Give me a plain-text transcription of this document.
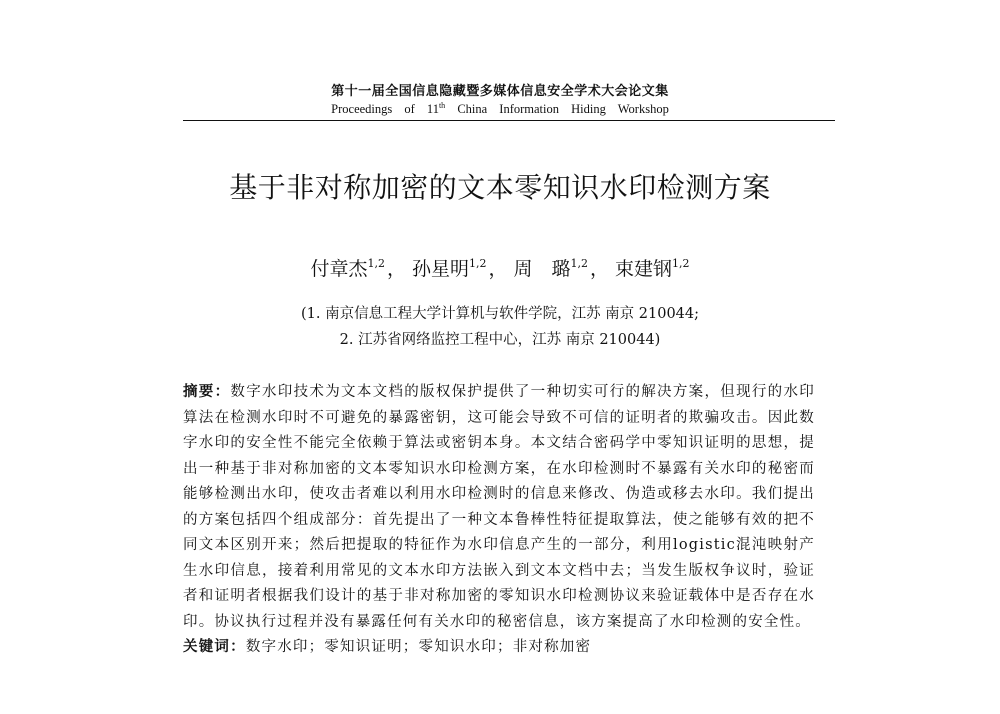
第十一届全国信息隐藏暨多媒体信息安全学术大会论文集
Proceedings of 11th China Information Hiding Workshop
基于非对称加密的文本零知识水印检测方案
付章杰$^{1,2}$ ， 孙星明$^{1,2}$ ， 周　璐$^{1,2}$ ， 束建钢$^{1,2}$
(1. 南京信息工程大学计算机与软件学院，江苏 南京 210044;
2. 江苏省网络监控工程中心，江苏 南京 210044)
摘要：数字水印技术为文本文档的版权保护提供了一种切实可行的解决方案，但现行的水印算法在检测水印时不可避免的暴露密钥，这可能会导致不可信的证明者的欺骗攻击。因此数字水印的安全性不能完全依赖于算法或密钥本身。本文结合密码学中零知识证明的思想，提出一种基于非对称加密的文本零知识水印检测方案，在水印检测时不暴露有关水印的秘密而能够检测出水印，使攻击者难以利用水印检测时的信息来修改、伪造或移去水印。我们提出的方案包括四个组成部分：首先提出了一种文本鲁棒性特征提取算法，使之能够有效的把不同文本区别开来；然后把提取的特征作为水印信息产生的一部分，利用logistic混沌映射产生水印信息，接着利用常见的文本水印方法嵌入到文本文档中去；当发生版权争议时，验证者和证明者根据我们设计的基于非对称加密的零知识水印检测协议来验证载体中是否存在水印。协议执行过程并没有暴露任何有关水印的秘密信息，该方案提高了水印检测的安全性。
关键词：数字水印；零知识证明；零知识水印；非对称加密
